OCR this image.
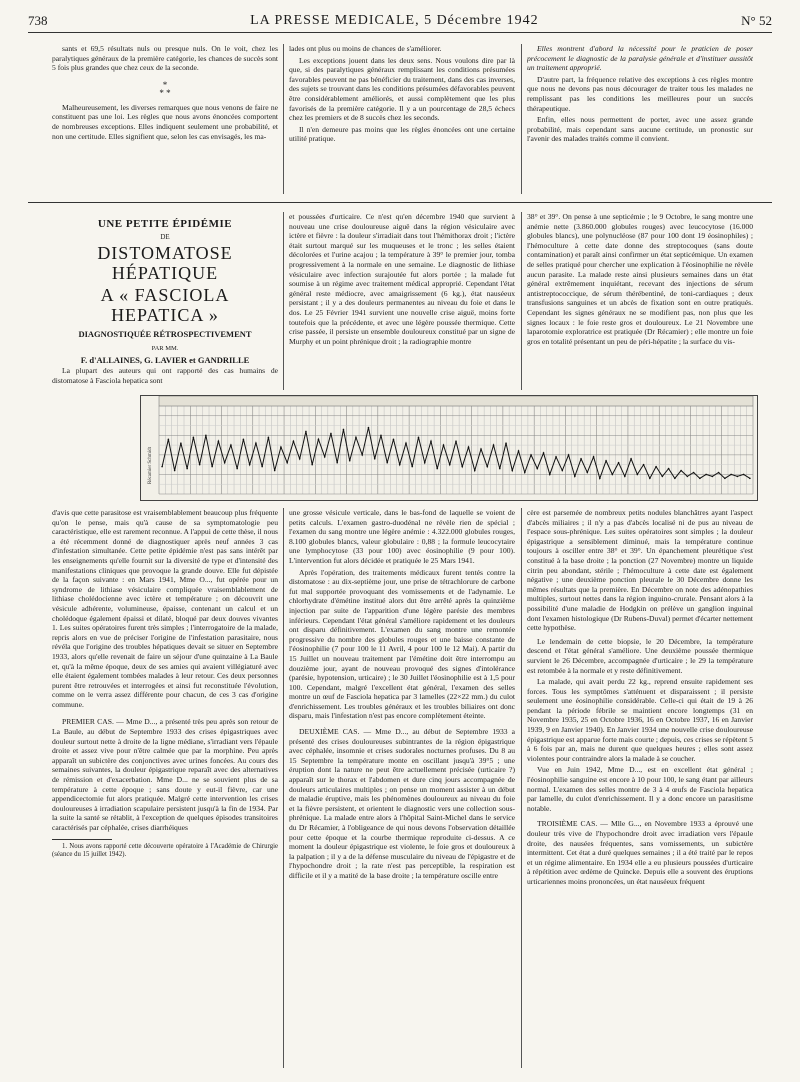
738	LA PRESSE MEDICALE, 5 Décembre 1942	N° 52

sants et 69,5 résultats nuls ou presque nuls. On le voit, chez les paralytiques généraux de la première catégorie, les chances de succès sont 5 fois plus grandes que chez ceux de la seconde.

*
* *

Malheureusement, les diverses remarques que nous venons de faire ne constituent pas une loi. Les règles que nous avons énoncées comportent de nombreuses exceptions. Elles indiquent seulement une probabilité, et non une certitude. Elles signifient que, selon les cas envisagés, les ma-

lades ont plus ou moins de chances de s'améliorer.

Les exceptions jouent dans les deux sens. Nous voulons dire par là que, si des paralytiques généraux remplissant les conditions présumées favorables peuvent ne pas bénéficier du traitement, dans des cas inverses, des sujets se trouvant dans les conditions présumées défavorables peuvent être considérablement améliorés, et aussi complètement que les plus favorisés de la première catégorie. Il y a un pourcentage de 28,5 échecs chez les premiers et de 8 succès chez les seconds.

Il n'en demeure pas moins que les règles énoncées ont une certaine utilité pratique.

Elles montrent d'abord la nécessité pour le praticien de poser précocement le diagnostic de la paralysie générale et d'instituer aussitôt un traitement approprié.

D'autre part, la fréquence relative des exceptions à ces règles montre que nous ne devons pas nous décourager de traiter tous les malades ne remplissant pas les conditions les meilleures pour un succès thérapeutique.

Enfin, elles nous permettent de porter, avec une assez grande probabilité, mais cependant sans aucune certitude, un pronostic sur l'avenir des malades traités comme il convient.

UNE PETITE ÉPIDÉMIE
DE
DISTOMATOSE HÉPATIQUE
A « FASCIOLA HEPATICA »
DIAGNOSTIQUÉE RÉTROSPECTIVEMENT
PAR MM.
F. d'ALLAINES, G. LAVIER et GANDRILLE

La plupart des auteurs qui ont rapporté des cas humains de distomatose à Fasciola hepatica sont

et poussées d'urticaire. Ce n'est qu'en décembre 1940 que survient à nouveau une crise douloureuse aiguë dans la région vésiculaire avec ictère et fièvre : la douleur s'irradiait dans tout l'hémithorax droit ; l'ictère était surtout marqué sur les muqueuses et le tronc ; les selles étaient décolorées et l'urine acajou ; la température à 39° le premier jour, tomba progressivement à la normale en une semaine. Le diagnostic de lithiase vésiculaire avec infection surajoutée fut alors portée ; la malade fut soumise à un régime avec traitement médical approprié. Cependant l'état général reste médiocre, avec amaigrissement (6 kg.), état nauséeux persistant ; il y a des douleurs permanentes au niveau du foie et dans le dos. Le 25 Février 1941 survient une nouvelle crise aiguë, moins forte toutefois que la précédente, et avec une légère poussée thermique. Cette crise passée, il persiste un ensemble douloureux constitué par un signe de Murphy et un point phrénique droit ; la radiographie montre

38° et 39°. On pense à une septicémie ; le 9 Octobre, le sang montre une anémie nette (3.860.000 globules rouges) avec leucocytose (16.000 globules blancs), une polynucléose (87 pour 100 dont 19 éosinophiles) ; l'hémoculture à cette date donne des streptocoques (sans doute contamination) et paraît ainsi confirmer un état septicémique. Un examen de selles pratiqué pour chercher une explication à l'éosinophilie ne révèle aucun parasite. La malade reste ainsi plusieurs semaines dans un état général extrêmement inquiétant, recevant des injections de sérum antistreptococcique, de sérum thérébentiné, de toni-cardiaques ; deux transfusions sanguines et un abcès de fixation sont en outre pratiqués. Cependant les signes généraux ne se modifient pas, non plus que les signes locaux : le foie reste gros et douloureux. Le 21 Novembre une laparotomie exploratrice est pratiquée (Dr Récamier) ; elle montre un foie gros en totalité présentant un peu de péri-hépatite ; la surface du vis-

Récamier Schmidt

d'avis que cette parasitose est vraisemblablement beaucoup plus fréquente qu'on le pense, mais qu'à cause de sa symptomatologie peu caractéristique, elle est rarement reconnue. A l'appui de cette thèse, il nous a été récemment donné de diagnostiquer après neuf années 3 cas d'infestation simultanée. Cette petite épidémie n'est pas sans intérêt par les enseignements qu'elle fournit sur la diversité de type et d'intensité des manifestations cliniques que provoque la grande douve. Elle fut dépistée de la façon suivante : en Mars 1941, Mme O..., fut opérée pour un syndrome de lithiase vésiculaire compliquée vraisemblablement de lithiase cholédocienne avec ictère et température ; on découvrit une vésicule adhérente, volumineuse, épaisse, contenant un calcul et un cholédoque également épaissi et dilaté, bloqué par deux douves vivantes 1. Les suites opératoires furent très simples ; l'interrogatoire de la malade, repris alors en vue de préciser l'origine de l'infestation parasitaire, nous révéla que l'origine des troubles hépatiques devait se situer en Septembre 1933, alors qu'elle revenait de faire un séjour d'une quinzaine à La Baule et, qu'à la même époque, deux de ses amies qui avaient villégiaturé avec elle étaient également tombées malades à leur retour. Ces deux personnes purent être retrouvées et interrogées et ainsi fut reconstituée l'évolution, comme on le verra assez différente pour chacun, de ces 3 cas d'origine commune.

PREMIER CAS. — Mme D..., a présenté très peu après son retour de La Baule, au début de Septembre 1933 des crises épigastriques avec douleur surtout nette à droite de la ligne médiane, s'irradiant vers l'épaule droite et assez vive pour n'être calmée que par la morphine. Peu après apparaît un subictère des conjonctives avec urines foncées. Au cours des semaines suivantes, la douleur épigastrique reparaît avec des alternatives de rémission et d'exacerbation. Mme D... ne se souvient plus de sa température à cette époque ; sans doute y eut-il fièvre, car une appendicectomie fut alors pratiquée. Malgré cette intervention les crises douloureuses à irradiation scapulaire persistent jusqu'à la fin de 1934. Par la suite la santé se rétablit, à l'exception de quelques épisodes transitoires caractérisés par céphalée, crises diarrhéiques

1. Nous avons rapporté cette découverte opératoire à l'Académie de Chirurgie (séance du 15 juillet 1942).

une grosse vésicule verticale, dans le bas-fond de laquelle se voient de petits calculs. L'examen gastro-duodénal ne révèle rien de spécial ; l'examen du sang montre une légère anémie : 4.322.000 globules rouges, 8.100 globules blancs, valeur globulaire : 0,88 ; la formule leucocytaire une lymphocytose (33 pour 100) avec éosinophilie (9 pour 100). L'intervention fut alors décidée et pratiquée le 25 Mars 1941.

Après l'opération, des traitements médicaux furent tentés contre la distomatose : au dix-septième jour, une prise de tétrachlorure de carbone fut mal supportée provoquant des vomissements et de l'adynamie. Le chlorhydrate d'émétine institué alors dut être arrêté après la quinzième injection par suite de l'apparition d'une légère parésie des membres inférieurs. Cependant l'état général s'améliore rapidement et les douleurs ont disparu définitivement. L'examen du sang montre une remontée progressive du nombre des globules rouges et une baisse constante de l'éosinophilie (7 pour 100 le 11 Avril, 4 pour 100 le 12 Mai). A partir du 15 Juillet un nouveau traitement par l'émétine doit être interrompu au douzième jour, ayant de nouveau provoqué des signes d'intolérance (parésie, hypotension, urticaire) ; le 30 Juillet l'éosinophilie est à 1,5 pour 100. Cependant, malgré l'excellent état général, l'examen des selles montre un œuf de Fasciola hepatica par 3 lamelles (22×22 mm.) du culot d'enrichissement. Les troubles généraux et les troubles biliaires ont donc disparu, mais l'infestation n'est pas encore complètement éteinte.

DEUXIÈME CAS. — Mme D..., au début de Septembre 1933 a présenté des crises douloureuses subintrantes de la région épigastrique avec céphalée, insomnie et crises sudorales nocturnes profuses. Du 8 au 15 Septembre la température monte en oscillant jusqu'à 39°5 ; une éruption dont la nature ne peut être actuellement précisée (urticaire ?) apparaît sur le thorax et l'abdomen et dure cinq jours accompagnée de douleurs articulaires multiples ; on pense un moment assister à un début de maladie éruptive, mais les phénomènes douloureux au niveau du foie et la fièvre persistent, et orientent le diagnostic vers une collection sous-phrénique. La malade entre alors à l'hôpital Saint-Michel dans le service du Dr Récamier, à l'obligeance de qui nous devons l'observation détaillée pour cette époque et la courbe thermique reproduite ci-dessus. A ce moment la douleur épigastrique est violente, le foie gros et douloureux à la palpation ; il y a de la défense musculaire du niveau de l'épigastre et de l'hypochondre droit ; la rate n'est pas perceptible, la respiration est difficile et il y a matité de la base droite ; la température oscille entre

cère est parsemée de nombreux petits nodules blanchâtres ayant l'aspect d'abcès miliaires ; il n'y a pas d'abcès localisé ni de pus au niveau de l'espace sous-phrénique. Les suites opératoires sont simples ; la douleur épigastrique a sensiblement diminué, mais la température continue toujours à osciller entre 38° et 39°. Un épanchement pleurétique s'est constitué à la base droite ; la ponction (27 Novembre) montre un liquide citrin peu abondant, stérile ; l'hémoculture à cette date est également négative ; une deuxième ponction pleurale le 30 Décembre donne les mêmes résultats que la première. En Décembre on note des adénopathies multiples, surtout nettes dans la région inguino-crurale. Pensant alors à la possibilité d'une maladie de Hodgkin on prélève un ganglion inguinal dont l'examen histologique (Dr Rubens-Duval) permet d'écarter nettement cette hypothèse.

Le lendemain de cette biopsie, le 20 Décembre, la température descend et l'état général s'améliore. Une deuxième poussée thermique survient le 26 Décembre, accompagnée d'urticaire ; le 29 la température est retombée à la normale et y reste définitivement.

La malade, qui avait perdu 22 kg., reprend ensuite rapidement ses forces. Tous les symptômes s'atténuent et disparaissent ; il persiste seulement une éosinophilie considérable. Celle-ci qui était de 19 à 26 pendant la période fébrile se maintient encore longtemps (31 en Novembre 1935, 25 en Octobre 1936, 16 en Octobre 1937, 16 en Janvier 1939, 9 en Janvier 1940). En Janvier 1934 une nouvelle crise douloureuse épigastrique est apparue forte mais courte ; depuis, ces crises se répètent 5 à 6 fois par an, mais ne durent que quelques heures ; elles sont assez violentes pour contraindre alors la malade à se coucher.

Vue en Juin 1942, Mme D..., est en excellent état général ; l'éosinophilie sanguine est encore à 10 pour 100, le sang étant par ailleurs normal. L'examen des selles montre de 3 à 4 œufs de Fasciola hepatica par lamelle, du culot d'enrichissement. Il y a donc encore un parasitisme notable.

TROISIÈME CAS. — Mlle G..., en Novembre 1933 a éprouvé une douleur très vive de l'hypochondre droit avec irradiation vers l'épaule droite, des nausées fréquentes, sans vomissements, un subictère intermittent. Cet état a duré quelques semaines ; il a été traité par le repos et un régime alimentaire. En 1934 elle a eu plusieurs poussées d'urticaire à répétition avec œdème de Quincke. Depuis elle a souvent des éruptions urticariennes moins prononcées, un état nauséeux fréquent
